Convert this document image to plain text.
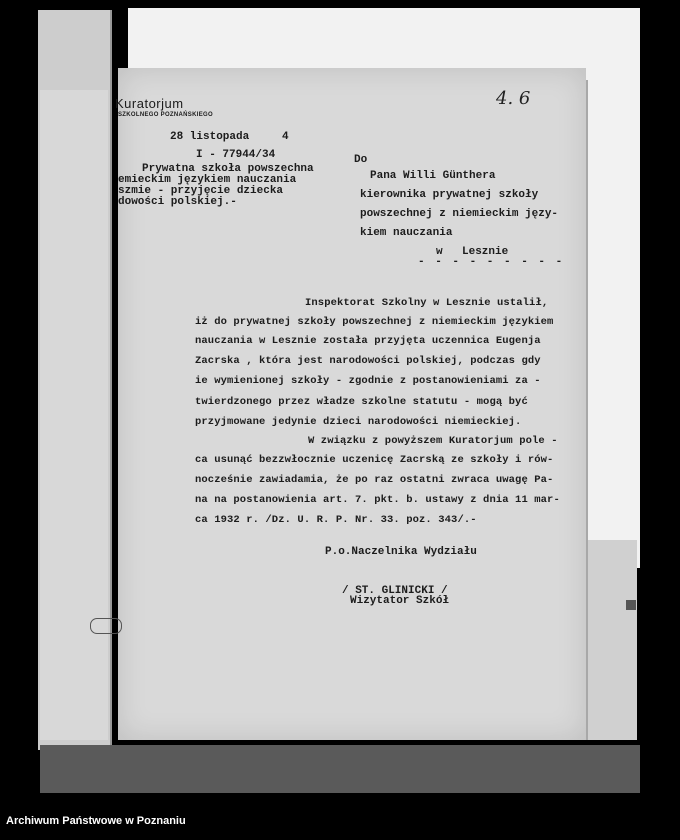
Kuratorjum
SZKOLNEGO POZNAŃSKIEGO
28 listopada	4
I - 77944/34
Prywatna szkoła powszechna
emieckim językiem nauczania
szmie - przyjęcie dziecka
dowości polskiej.-
Do
Pana Willi Günthera
kierownika prywatnej szkoły
powszechnej z niemieckim języ-
kiem nauczania
w Lesznie
- - - - - - - - -
4. 6
Inspektorat Szkolny w Lesznie ustalił,
iż do prywatnej szkoły powszechnej z niemieckim językiem
nauczania w Lesznie została przyjęta uczennica Eugenja
Zacrska , która jest narodowości polskiej, podczas gdy
ie wymienionej szkoły - zgodnie z postanowieniami za -
twierdzonego przez władze szkolne statutu - mogą być
przyjmowane jedynie dzieci narodowości niemieckiej.
W związku z powyższem Kuratorjum pole -
ca usunąć bezzwłocznie uczenicę Zacrską ze szkoły i rów-
nocześnie zawiadamia, że po raz ostatni zwraca uwagę Pa-
na na postanowienia art. 7. pkt. b. ustawy z dnia 11 mar-
ca 1932 r. /Dz. U. R. P. Nr. 33. poz. 343/.-
P.o.Naczelnika Wydziału
/ ST. GLINICKI /
Wizytator Szkół
Archiwum Państwowe w Poznaniu
